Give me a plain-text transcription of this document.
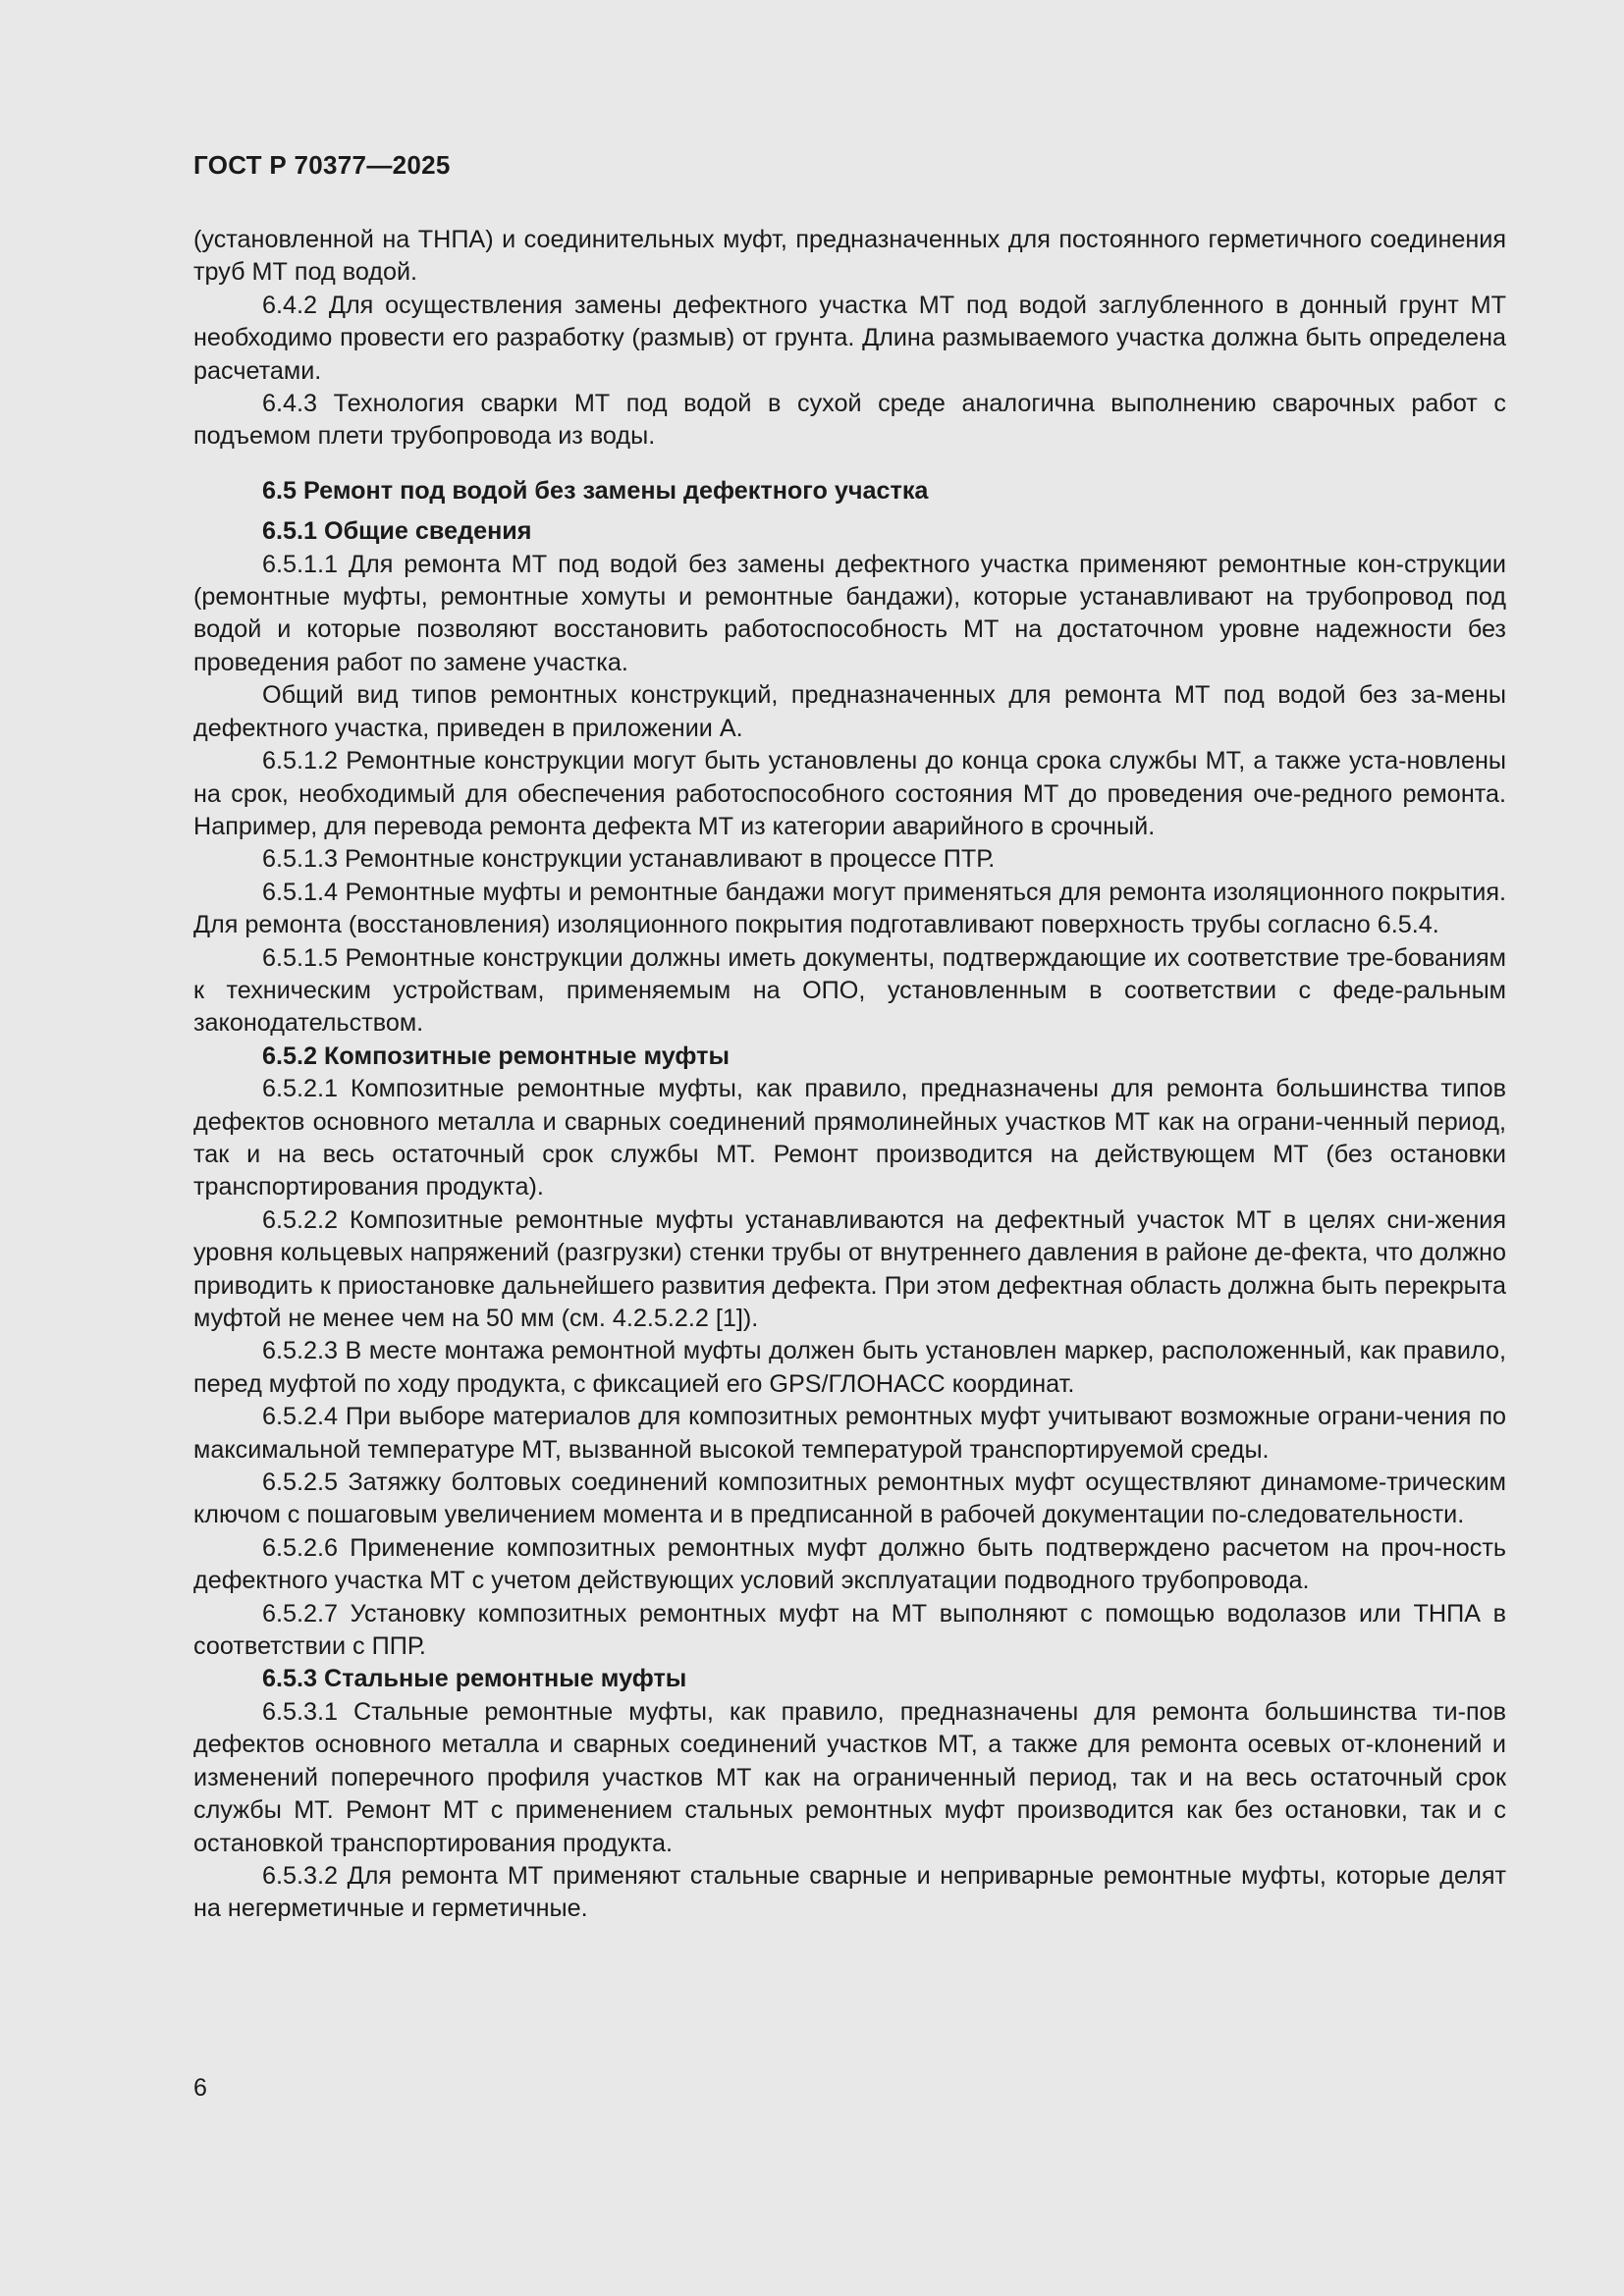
ГОСТ Р 70377—2025

(установленной на ТНПА) и соединительных муфт, предназначенных для постоянного герметичного соединения труб МТ под водой.

6.4.2 Для осуществления замены дефектного участка МТ под водой заглубленного в донный грунт МТ необходимо провести его разработку (размыв) от грунта. Длина размываемого участка должна быть определена расчетами.

6.4.3 Технология сварки МТ под водой в сухой среде аналогична выполнению сварочных работ с подъемом плети трубопровода из воды.

6.5 Ремонт под водой без замены дефектного участка
6.5.1 Общие сведения

6.5.1.1 Для ремонта МТ под водой без замены дефектного участка применяют ремонтные кон-струкции (ремонтные муфты, ремонтные хомуты и ремонтные бандажи), которые устанавливают на трубопровод под водой и которые позволяют восстановить работоспособность МТ на достаточном уровне надежности без проведения работ по замене участка.

Общий вид типов ремонтных конструкций, предназначенных для ремонта МТ под водой без за-мены дефектного участка, приведен в приложении А.

6.5.1.2 Ремонтные конструкции могут быть установлены до конца срока службы МТ, а также уста-новлены на срок, необходимый для обеспечения работоспособного состояния МТ до проведения оче-редного ремонта. Например, для перевода ремонта дефекта МТ из категории аварийного в срочный.

6.5.1.3 Ремонтные конструкции устанавливают в процессе ПТР.

6.5.1.4 Ремонтные муфты и ремонтные бандажи могут применяться для ремонта изоляционного покрытия. Для ремонта (восстановления) изоляционного покрытия подготавливают поверхность трубы согласно 6.5.4.

6.5.1.5 Ремонтные конструкции должны иметь документы, подтверждающие их соответствие тре-бованиям к техническим устройствам, применяемым на ОПО, установленным в соответствии с феде-ральным законодательством.

6.5.2 Композитные ремонтные муфты

6.5.2.1 Композитные ремонтные муфты, как правило, предназначены для ремонта большинства типов дефектов основного металла и сварных соединений прямолинейных участков МТ как на ограни-ченный период, так и на весь остаточный срок службы МТ. Ремонт производится на действующем МТ (без остановки транспортирования продукта).

6.5.2.2 Композитные ремонтные муфты устанавливаются на дефектный участок МТ в целях сни-жения уровня кольцевых напряжений (разгрузки) стенки трубы от внутреннего давления в районе де-фекта, что должно приводить к приостановке дальнейшего развития дефекта. При этом дефектная область должна быть перекрыта муфтой не менее чем на 50 мм (см. 4.2.5.2.2 [1]).

6.5.2.3 В месте монтажа ремонтной муфты должен быть установлен маркер, расположенный, как правило, перед муфтой по ходу продукта, с фиксацией его GPS/ГЛОНАСС координат.

6.5.2.4 При выборе материалов для композитных ремонтных муфт учитывают возможные ограни-чения по максимальной температуре МТ, вызванной высокой температурой транспортируемой среды.

6.5.2.5 Затяжку болтовых соединений композитных ремонтных муфт осуществляют динамоме-трическим ключом с пошаговым увеличением момента и в предписанной в рабочей документации по-следовательности.

6.5.2.6 Применение композитных ремонтных муфт должно быть подтверждено расчетом на проч-ность дефектного участка МТ с учетом действующих условий эксплуатации подводного трубопровода.

6.5.2.7 Установку композитных ремонтных муфт на МТ выполняют с помощью водолазов или ТНПА в соответствии с ППР.

6.5.3 Стальные ремонтные муфты

6.5.3.1 Стальные ремонтные муфты, как правило, предназначены для ремонта большинства ти-пов дефектов основного металла и сварных соединений участков МТ, а также для ремонта осевых от-клонений и изменений поперечного профиля участков МТ как на ограниченный период, так и на весь остаточный срок службы МТ. Ремонт МТ с применением стальных ремонтных муфт производится как без остановки, так и с остановкой транспортирования продукта.

6.5.3.2 Для ремонта МТ применяют стальные сварные и неприварные ремонтные муфты, которые делят на негерметичные и герметичные.

6
